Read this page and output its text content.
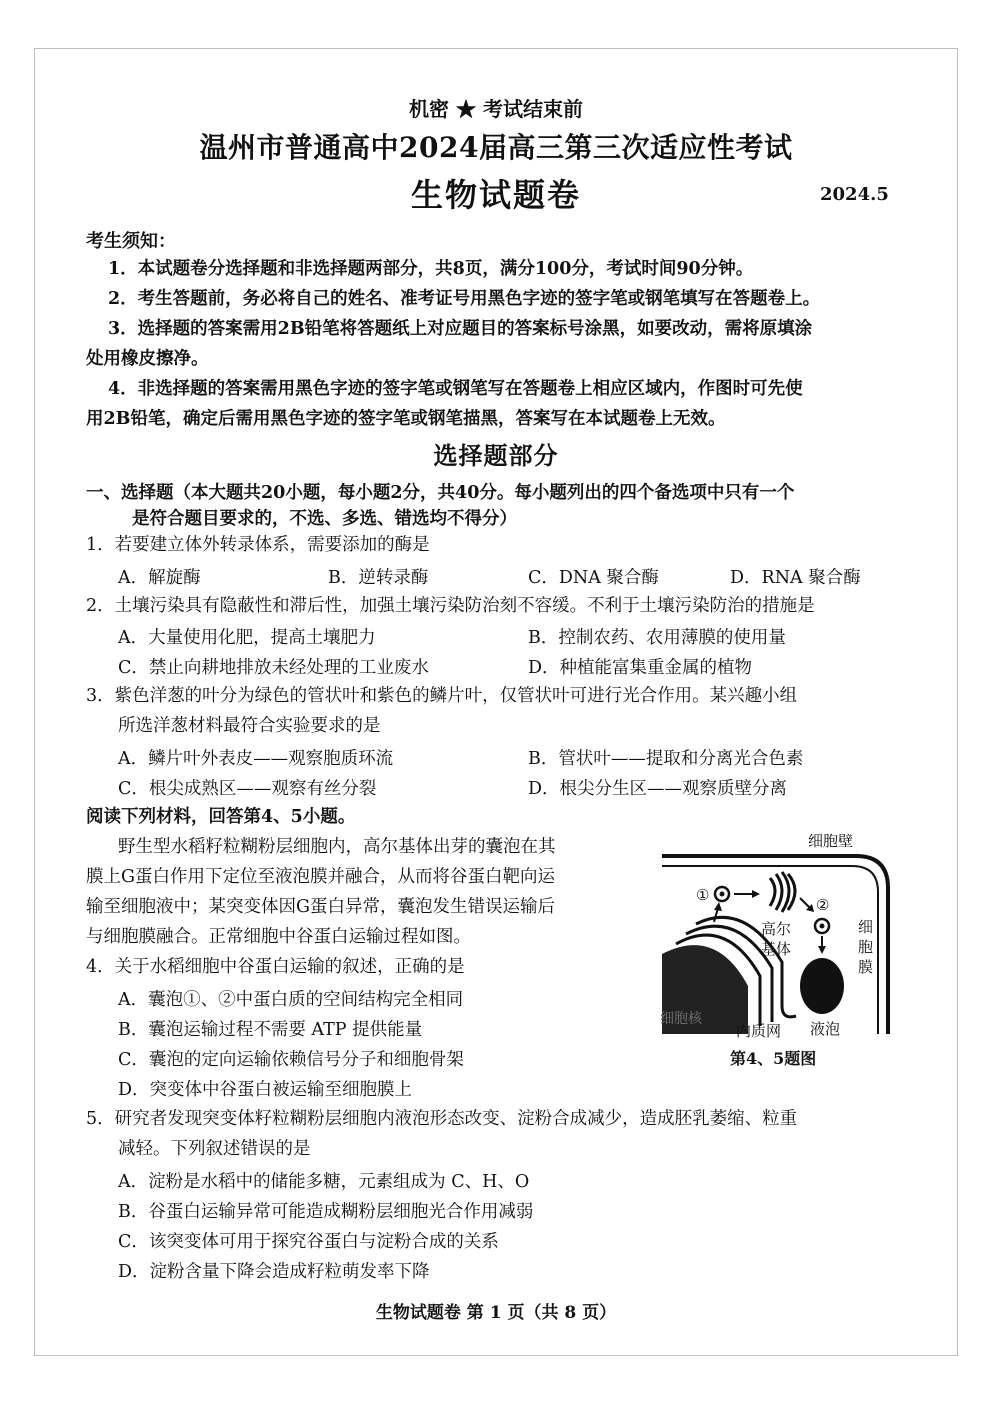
机密 ★ 考试结束前
温州市普通高中2024届高三第三次适应性考试
生物试题卷	2024.5
考生须知：
1．本试题卷分选择题和非选择题两部分，共8页，满分100分，考试时间90分钟。
2．考生答题前，务必将自己的姓名、准考证号用黑色字迹的签字笔或钢笔填写在答题卷上。
3．选择题的答案需用2B铅笔将答题纸上对应题目的答案标号涂黑，如要改动，需将原填涂
处用橡皮擦净。
4．非选择题的答案需用黑色字迹的签字笔或钢笔写在答题卷上相应区域内，作图时可先使
用2B铅笔，确定后需用黑色字迹的签字笔或钢笔描黑，答案写在本试题卷上无效。
选择题部分
一、选择题（本大题共20小题，每小题2分，共40分。每小题列出的四个备选项中只有一个
是符合题目要求的，不选、多选、错选均不得分）
1．若要建立体外转录体系，需要添加的酶是
A．解旋酶	B．逆转录酶	C．DNA 聚合酶	D．RNA 聚合酶
2．土壤污染具有隐蔽性和滞后性，加强土壤污染防治刻不容缓。不利于土壤污染防治的措施是
A．大量使用化肥，提高土壤肥力	B．控制农药、农用薄膜的使用量
C．禁止向耕地排放未经处理的工业废水	D．种植能富集重金属的植物
3．紫色洋葱的叶分为绿色的管状叶和紫色的鳞片叶，仅管状叶可进行光合作用。某兴趣小组
所选洋葱材料最符合实验要求的是
A．鳞片叶外表皮——观察胞质环流	B．管状叶——提取和分离光合色素
C．根尖成熟区——观察有丝分裂	D．根尖分生区——观察质壁分离
阅读下列材料，回答第4、5小题。
野生型水稻籽粒糊粉层细胞内，高尔基体出芽的囊泡在其
膜上G蛋白作用下定位至液泡膜并融合，从而将谷蛋白靶向运
输至细胞液中；某突变体因G蛋白异常，囊泡发生错误运输后
与细胞膜融合。正常细胞中谷蛋白运输过程如图。
细胞壁
细
胞
膜
高尔
基体
①
②
细胞核
内质网 液泡
第4、5题图
4．关于水稻细胞中谷蛋白运输的叙述，正确的是
A．囊泡①、②中蛋白质的空间结构完全相同
B．囊泡运输过程不需要 ATP 提供能量
C．囊泡的定向运输依赖信号分子和细胞骨架
D．突变体中谷蛋白被运输至细胞膜上
5．研究者发现突变体籽粒糊粉层细胞内液泡形态改变、淀粉合成减少，造成胚乳萎缩、粒重
减轻。下列叙述错误的是
A．淀粉是水稻中的储能多糖，元素组成为 C、H、O
B．谷蛋白运输异常可能造成糊粉层细胞光合作用减弱
C．该突变体可用于探究谷蛋白与淀粉合成的关系
D．淀粉含量下降会造成籽粒萌发率下降
生物试题卷 第 1 页（共 8 页）
